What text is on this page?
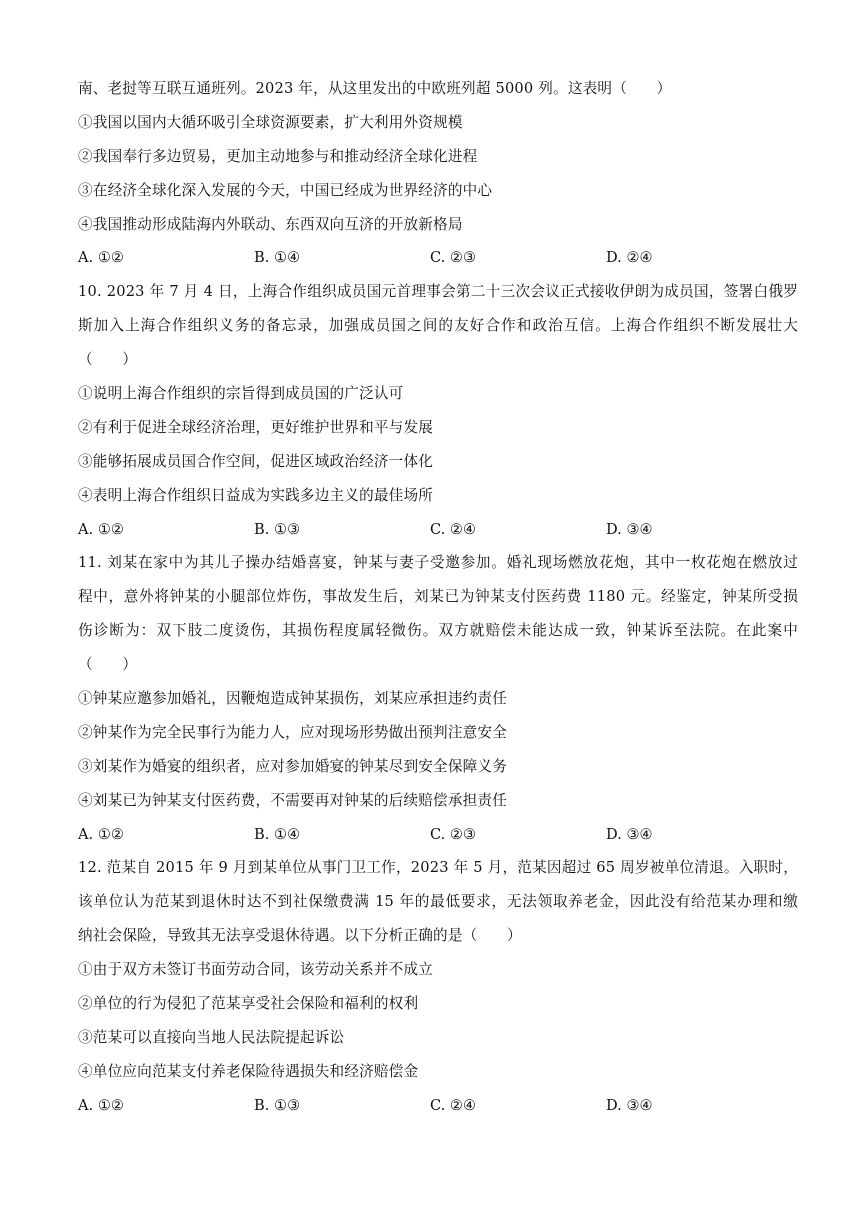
南、老挝等互联互通班列。2023 年，从这里发出的中欧班列超 5000 列。这表明（　　）
①我国以国内大循环吸引全球资源要素，扩大利用外资规模
②我国奉行多边贸易，更加主动地参与和推动经济全球化进程
③在经济全球化深入发展的今天，中国已经成为世界经济的中心
④我国推动形成陆海内外联动、东西双向互济的开放新格局
A. ①②	B. ①④	C. ②③	D. ②④
10. 2023 年 7 月 4 日，上海合作组织成员国元首理事会第二十三次会议正式接收伊朗为成员国，签署白俄罗
斯加入上海合作组织义务的备忘录，加强成员国之间的友好合作和政治互信。上海合作组织不断发展壮大
（　　）
①说明上海合作组织的宗旨得到成员国的广泛认可
②有利于促进全球经济治理，更好维护世界和平与发展
③能够拓展成员国合作空间，促进区域政治经济一体化
④表明上海合作组织日益成为实践多边主义的最佳场所
A. ①②	B. ①③	C. ②④	D. ③④
11. 刘某在家中为其儿子操办结婚喜宴，钟某与妻子受邀参加。婚礼现场燃放花炮，其中一枚花炮在燃放过
程中，意外将钟某的小腿部位炸伤，事故发生后，刘某已为钟某支付医药费 1180 元。经鉴定，钟某所受损
伤诊断为：双下肢二度烫伤，其损伤程度属轻微伤。双方就赔偿未能达成一致，钟某诉至法院。在此案中
（　　）
①钟某应邀参加婚礼，因鞭炮造成钟某损伤，刘某应承担违约责任
②钟某作为完全民事行为能力人，应对现场形势做出预判注意安全
③刘某作为婚宴的组织者，应对参加婚宴的钟某尽到安全保障义务
④刘某已为钟某支付医药费，不需要再对钟某的后续赔偿承担责任
A. ①②	B. ①④	C. ②③	D. ③④
12. 范某自 2015 年 9 月到某单位从事门卫工作，2023 年 5 月，范某因超过 65 周岁被单位清退。入职时，
该单位认为范某到退休时达不到社保缴费满 15 年的最低要求，无法领取养老金，因此没有给范某办理和缴
纳社会保险，导致其无法享受退休待遇。以下分析正确的是（　　）
①由于双方未签订书面劳动合同，该劳动关系并不成立
②单位的行为侵犯了范某享受社会保险和福利的权利
③范某可以直接向当地人民法院提起诉讼
④单位应向范某支付养老保险待遇损失和经济赔偿金
A. ①②	B. ①③	C. ②④	D. ③④
